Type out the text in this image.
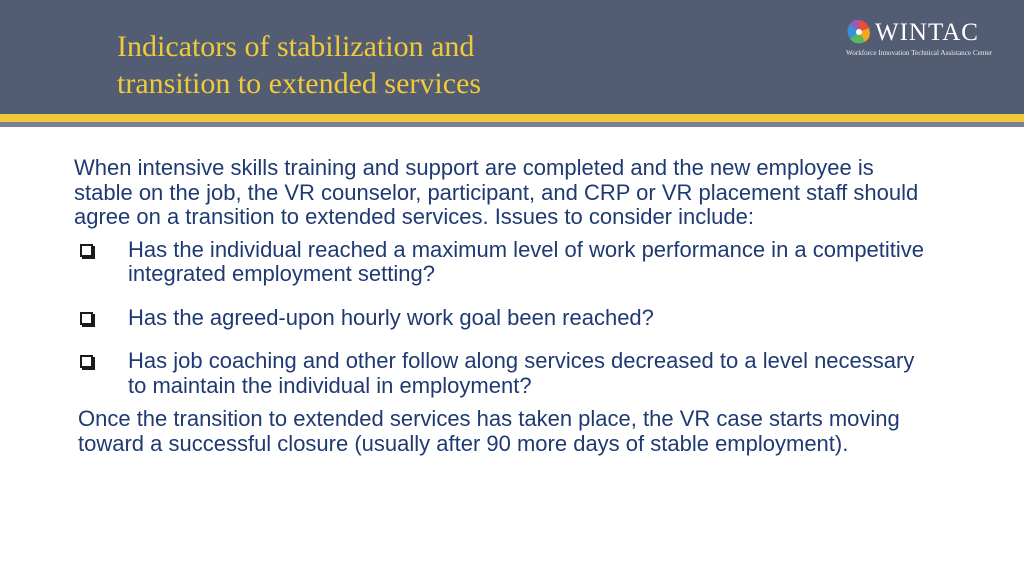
Indicators of stabilization and
transition to extended services
WINTAC
Workforce Innovation Technical Assistance Center

When intensive skills training and support are completed and the new employee is stable on the job, the VR counselor, participant, and CRP or VR placement staff should agree on a transition to extended services. Issues to consider include:

Has the individual reached a maximum level of work performance in a competitive integrated employment setting?
Has the agreed-upon hourly work goal been reached?
Has job coaching and other follow along services decreased to a level necessary to maintain the individual in employment?

Once the transition to extended services has taken place, the VR case starts moving toward a successful closure (usually after 90 more days of stable employment).
